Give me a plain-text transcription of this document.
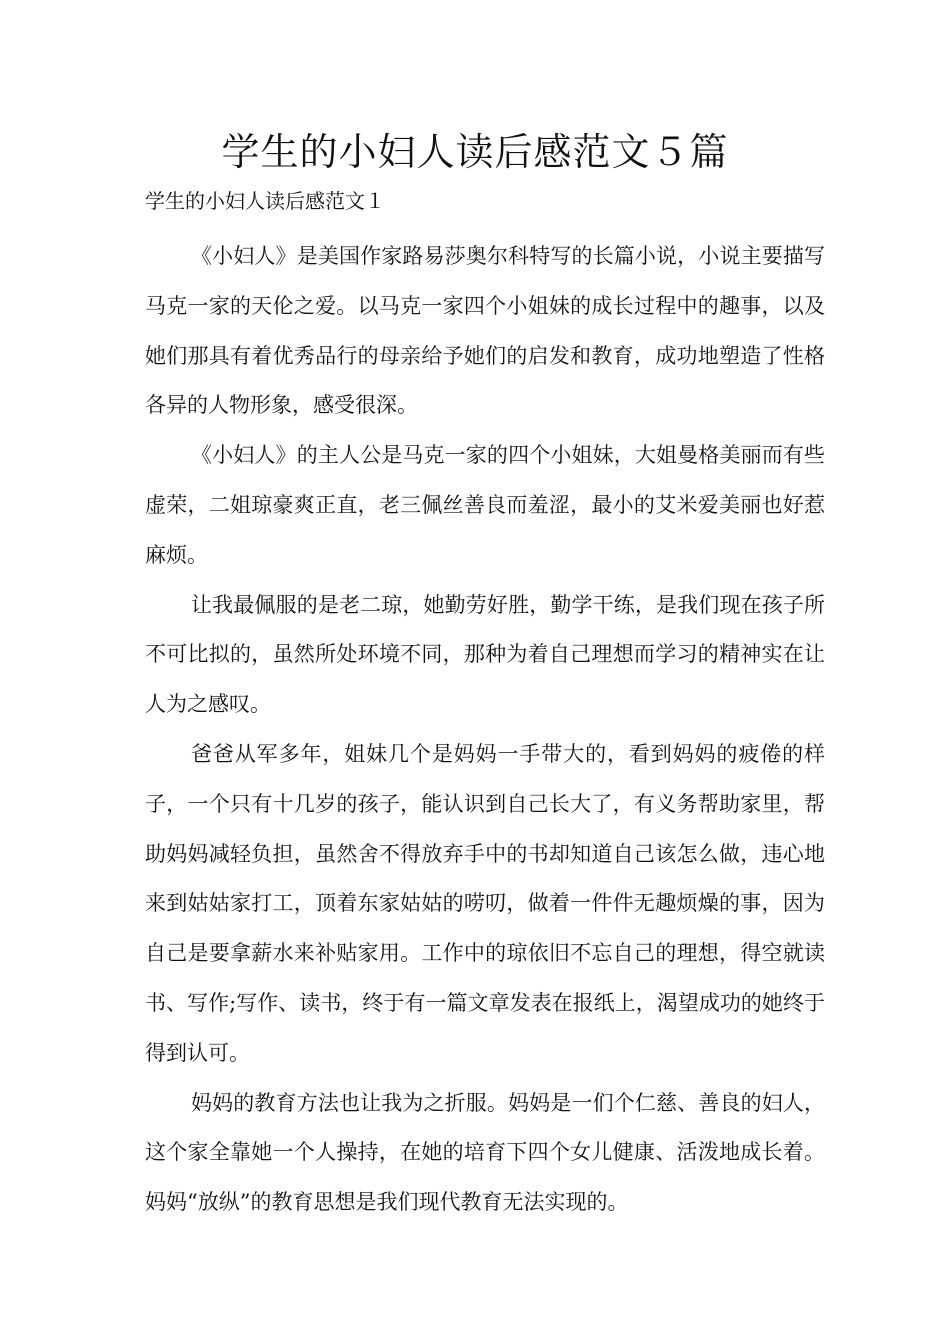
学生的小妇人读后感范文５篇
学生的小妇人读后感范文１

《小妇人》是美国作家路易莎奥尔科特写的长篇小说，小说主要描写马克一家的天伦之爱。以马克一家四个小姐妹的成长过程中的趣事，以及她们那具有着优秀品行的母亲给予她们的启发和教育，成功地塑造了性格各异的人物形象，感受很深。

《小妇人》的主人公是马克一家的四个小姐妹，大姐曼格美丽而有些虚荣，二姐琼豪爽正直，老三佩丝善良而羞涩，最小的艾米爱美丽也好惹麻烦。

让我最佩服的是老二琼，她勤劳好胜，勤学干练，是我们现在孩子所不可比拟的，虽然所处环境不同，那种为着自己理想而学习的精神实在让人为之感叹。

爸爸从军多年，姐妹几个是妈妈一手带大的，看到妈妈的疲倦的样子，一个只有十几岁的孩子，能认识到自己长大了，有义务帮助家里，帮助妈妈减轻负担，虽然舍不得放弃手中的书却知道自己该怎么做，违心地来到姑姑家打工，顶着东家姑姑的唠叨，做着一件件无趣烦燥的事，因为自己是要拿薪水来补贴家用。工作中的琼依旧不忘自己的理想，得空就读书、写作;写作、读书，终于有一篇文章发表在报纸上，渴望成功的她终于得到认可。

妈妈的教育方法也让我为之折服。妈妈是一们个仁慈、善良的妇人，这个家全靠她一个人操持，在她的培育下四个女儿健康、活泼地成长着。妈妈“放纵”的教育思想是我们现代教育无法实现的。
